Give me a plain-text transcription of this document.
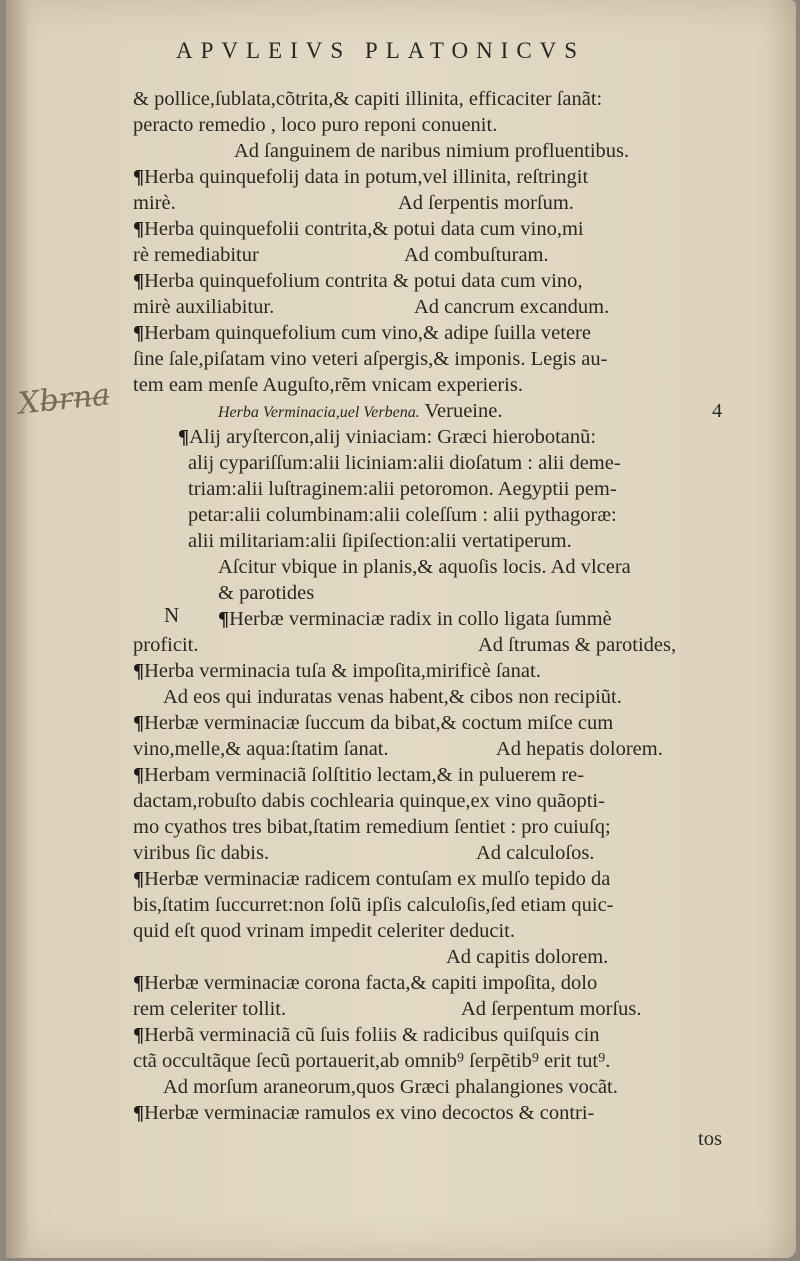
APVLEIVS PLATONICVS
Xb̶r̶n̶a̶
N
& pollice,ſublata,cõtrita,& capiti illinita, efficaciter ſanãt:
peracto remedio , loco puro reponi conuenit.
Ad ſanguinem de naribus nimium profluentibus.
¶Herba quinquefolij data in potum,vel illinita, reſtringit
mirè.	Ad ſerpentis morſum.
¶Herba quinquefolii contrita,& potui data cum vino,mi
rè remediabitur	Ad combuſturam.
¶Herba quinquefolium contrita & potui data cum vino,
mirè auxiliabitur.	Ad cancrum excandum.
¶Herbam quinquefolium cum vino,& adipe ſuilla vetere
ſine ſale,piſatam vino veteri aſpergis,& imponis. Legis au-
tem eam menſe Auguſto,rẽm vnicam experieris.
Herba Verminacia,uel Verbena. Verueine.	4
¶Alij aryſtercon,alij viniaciam: Græci hierobotanũ:
alij cypariſſum:alii liciniam:alii dioſatum : alii deme-
triam:alii luſtraginem:alii petoromon. Aegyptii pem-
petar:alii columbinam:alii coleſſum : alii pythagoræ:
alii militariam:alii ſipiſection:alii vertatiperum.
Aſcitur vbique in planis,& aquoſis locis. Ad vlcera
& parotides
¶Herbæ verminaciæ radix in collo ligata ſummè
proficit.	Ad ſtrumas & parotides,
¶Herba verminacia tuſa & impoſita,mirificè ſanat.
Ad eos qui induratas venas habent,& cibos non recipiũt.
¶Herbæ verminaciæ ſuccum da bibat,& coctum miſce cum
vino,melle,& aqua:ſtatim ſanat.	Ad hepatis dolorem.
¶Herbam verminaciã ſolſtitio lectam,& in puluerem re-
dactam,robuſto dabis cochlearia quinque,ex vino quãopti-
mo cyathos tres bibat,ſtatim remedium ſentiet : pro cuiuſq;
viribus ſic dabis.	Ad calculoſos.
¶Herbæ verminaciæ radicem contuſam ex mulſo tepido da
bis,ſtatim ſuccurret:non ſolũ ipſis calculoſis,ſed etiam quic-
quid eſt quod vrinam impedit celeriter deducit.
Ad capitis dolorem.
¶Herbæ verminaciæ corona facta,& capiti impoſita, dolo
rem celeriter tollit.	Ad ſerpentum morſus.
¶Herbã verminaciã cũ ſuis foliis & radicibus quiſquis cin
ctã occultãque ſecũ portauerit,ab omnib⁹ ſerpẽtib⁹ erit tut⁹.
Ad morſum araneorum,quos Græci phalangiones vocãt.
¶Herbæ verminaciæ ramulos ex vino decoctos & contri-
tos
